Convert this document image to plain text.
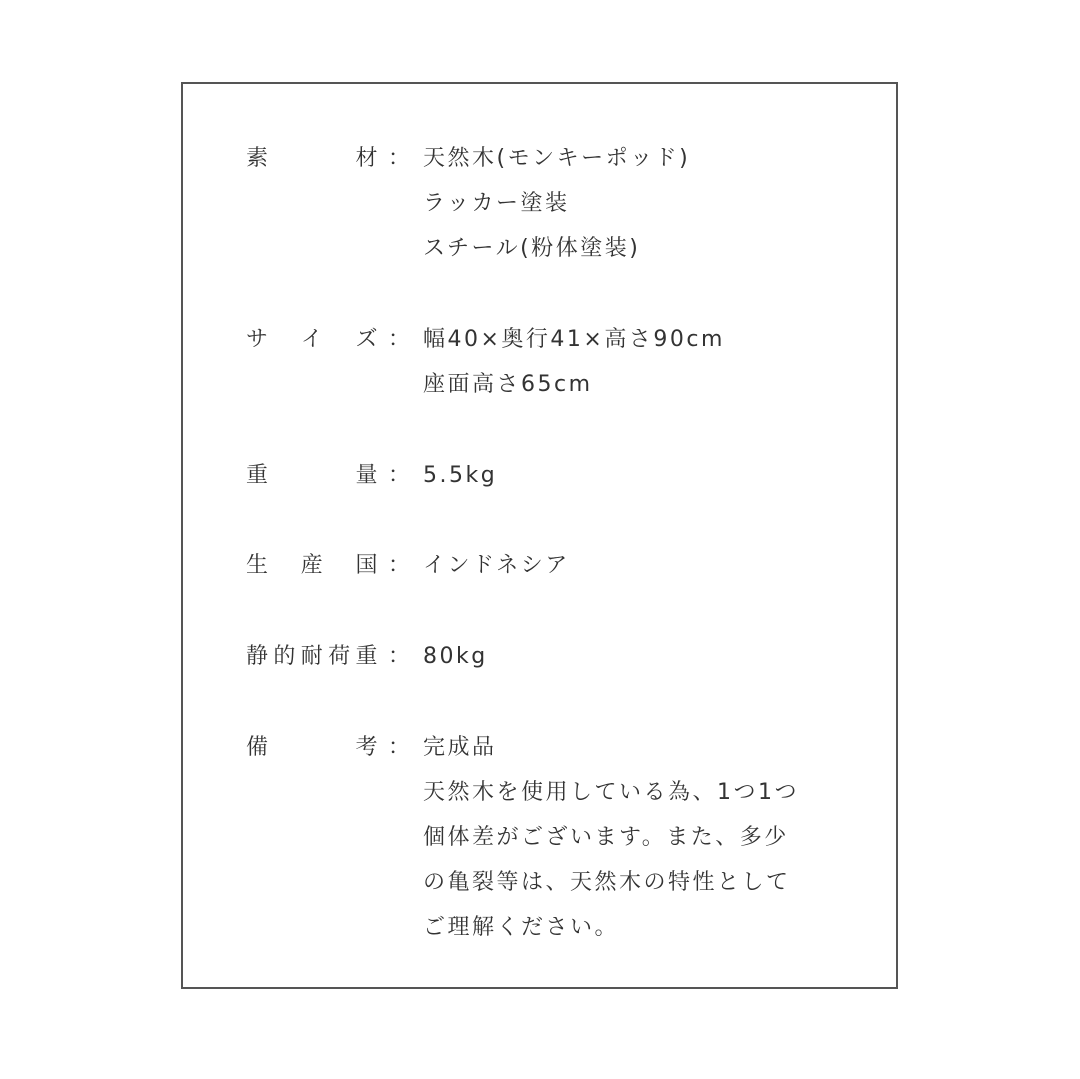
素	材 ： 天然木(モンキーポッド)
ラッカー塗装
スチール(粉体塗装)
サ イ ズ ： 幅40×奥行41×高さ90cm
座面高さ65cm
重	量 ： 5.5kg
生 産 国 ： インドネシア
静 的 耐 荷 重 ： 80kg
備	考 ： 完成品
天然木を使用している為、1つ1つ
個体差がございます。また、多少
の亀裂等は、天然木の特性として
ご理解ください。
